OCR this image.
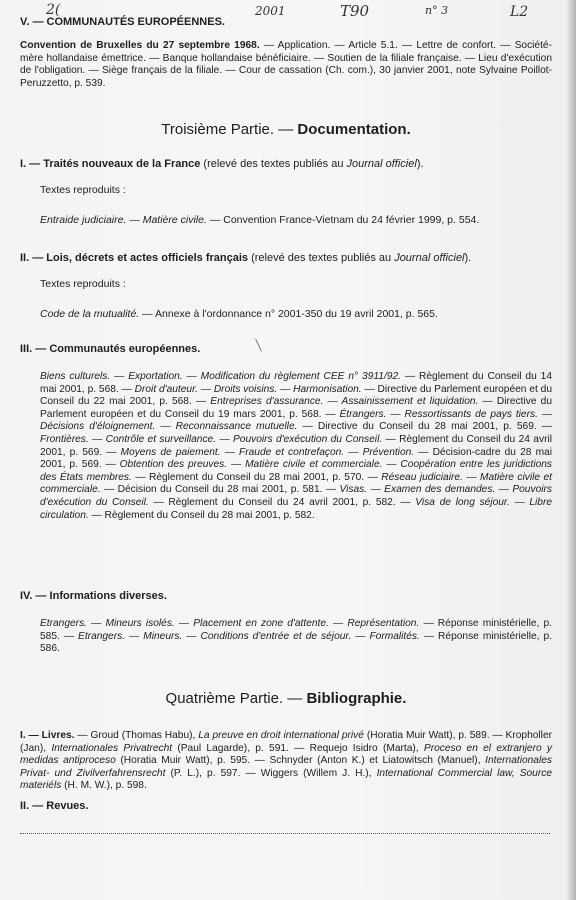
2(	2001	T90	n° 3	L2
V. — COMMUNAUTÉS EUROPÉENNES.

Convention de Bruxelles du 27 septembre 1968. — Application. — Article 5.1. — Lettre de confort. — Société-mère hollandaise émettrice. — Banque hollandaise bénéficiaire. — Soutien de la filiale française. — Lieu d'exécution de l'obligation. — Siège français de la filiale. — Cour de cassation (Ch. com.), 30 janvier 2001, note Sylvaine Poillot-Peruzzetto, p. 539.

Troisième Partie. — Documentation.
I. — Traités nouveaux de la France (relevé des textes publiés au Journal officiel).
Textes reproduits :
Entraide judiciaire. — Matière civile. — Convention France-Vietnam du 24 février 1999, p. 554.
II. — Lois, décrets et actes officiels français (relevé des textes publiés au Journal officiel).
Textes reproduits :
Code de la mutualité. — Annexe à l'ordonnance n° 2001-350 du 19 avril 2001, p. 565.
III. — Communautés européennes.

Biens culturels. — Exportation. — Modification du règlement CEE n° 3911/92. — Règlement du Conseil du 14 mai 2001, p. 568. — Droit d'auteur. — Droits voisins. — Harmonisation. — Directive du Parlement européen et du Conseil du 22 mai 2001, p. 568. — Entreprises d'assurance. — Assainissement et liquidation. — Directive du Parlement européen et du Conseil du 19 mars 2001, p. 568. — Étrangers. — Ressortissants de pays tiers. — Décisions d'éloignement. — Reconnaissance mutuelle. — Directive du Conseil du 28 mai 2001, p. 569. — Frontières. — Contrôle et surveillance. — Pouvoirs d'exécution du Conseil. — Règlement du Conseil du 24 avril 2001, p. 569. — Moyens de paiement. — Fraude et contrefaçon. — Prévention. — Décision-cadre du 28 mai 2001, p. 569. — Obtention des preuves. — Matière civile et commerciale. — Coopération entre les juridictions des États membres. — Règlement du Conseil du 28 mai 2001, p. 570. — Réseau judiciaire. — Matière civile et commerciale. — Décision du Conseil du 28 mai 2001, p. 581. — Visas. — Examen des demandes. — Pouvoirs d'exécution du Conseil. — Règlement du Conseil du 24 avril 2001, p. 582. — Visa de long séjour. — Libre circulation. — Règlement du Conseil du 28 mai 2001, p. 582.

IV. — Informations diverses.

Etrangers. — Mineurs isolés. — Placement en zone d'attente. — Représentation. — Réponse ministérielle, p. 585. — Etrangers. — Mineurs. — Conditions d'entrée et de séjour. — Formalités. — Réponse ministérielle, p. 586.

Quatrième Partie. — Bibliographie.

I. — Livres. — Groud (Thomas Habu), La preuve en droit international privé (Horatia Muir Watt), p. 589. — Kropholler (Jan), Internationales Privatrecht (Paul Lagarde), p. 591. — Requejo Isidro (Marta), Proceso en el extranjero y medidas antiproceso (Horatia Muir Watt), p. 595. — Schnyder (Anton K.) et Liatowitsch (Manuel), Internationales Privat- und Zivilverfahrensrecht (P. L.), p. 597. — Wiggers (Willem J. H.), International Commercial law, Source materiéls (H. M. W.), p. 598.

II. — Revues.
